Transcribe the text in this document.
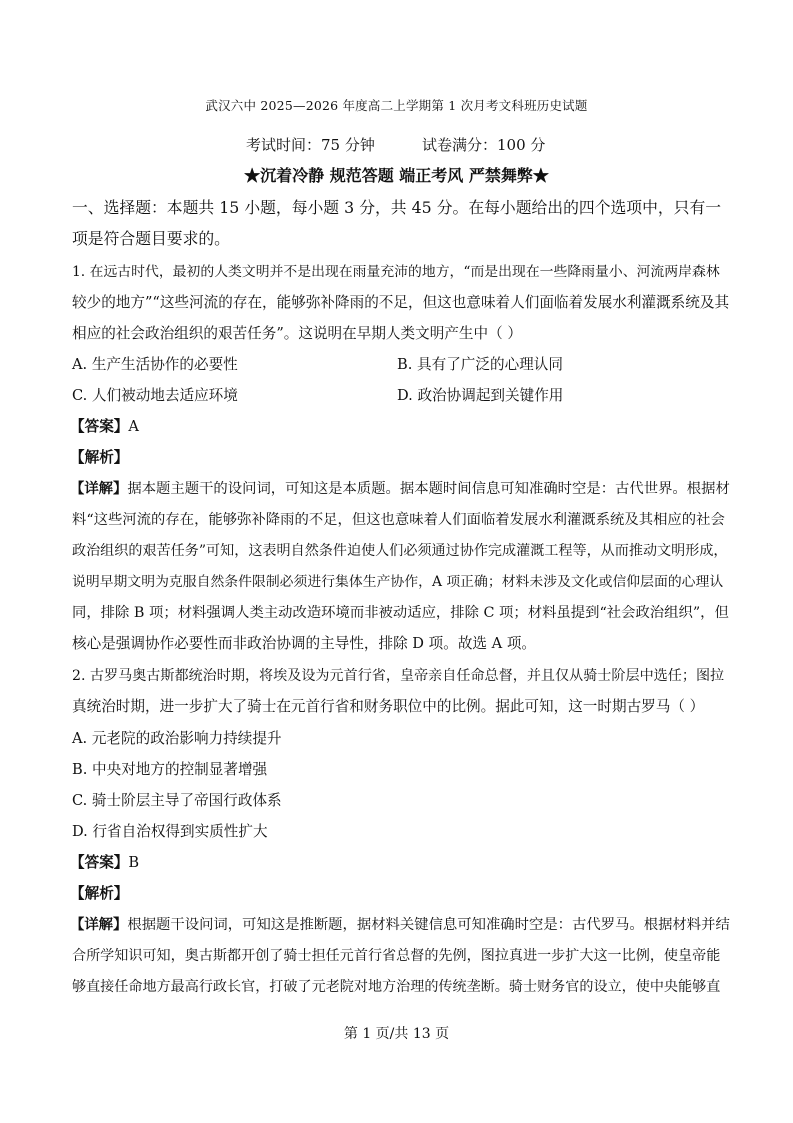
武汉六中 2025—2026 年度高二上学期第 1 次月考文科班历史试题
考试时间：75 分钟	试卷满分：100 分
★沉着冷静 规范答题 端正考风 严禁舞弊★
一、选择题：本题共 15 小题，每小题 3 分，共 45 分。在每小题给出的四个选项中，只有一
项是符合题目要求的。
1. 在远古时代，最初的人类文明并不是出现在雨量充沛的地方，“而是出现在一些降雨量小、河流两岸森林
较少的地方”“这些河流的存在，能够弥补降雨的不足，但这也意味着人们面临着发展水利灌溉系统及其
相应的社会政治组织的艰苦任务”。这说明在早期人类文明产生中（ ）
A. 生产生活协作的必要性	B. 具有了广泛的心理认同
C. 人们被动地去适应环境	D. 政治协调起到关键作用
【答案】A
【解析】
【详解】据本题主题干的设问词，可知这是本质题。据本题时间信息可知准确时空是：古代世界。根据材
料“这些河流的存在，能够弥补降雨的不足，但这也意味着人们面临着发展水利灌溉系统及其相应的社会
政治组织的艰苦任务”可知，这表明自然条件迫使人们必须通过协作完成灌溉工程等，从而推动文明形成，
说明早期文明为克服自然条件限制必须进行集体生产协作，A 项正确；材料未涉及文化或信仰层面的心理认
同，排除 B 项；材料强调人类主动改造环境而非被动适应，排除 C 项；材料虽提到“社会政治组织”，但
核心是强调协作必要性而非政治协调的主导性，排除 D 项。故选 A 项。
2. 古罗马奥古斯都统治时期，将埃及设为元首行省，皇帝亲自任命总督，并且仅从骑士阶层中选任；图拉
真统治时期，进一步扩大了骑士在元首行省和财务职位中的比例。据此可知，这一时期古罗马（ ）
A. 元老院的政治影响力持续提升
B. 中央对地方的控制显著增强
C. 骑士阶层主导了帝国行政体系
D. 行省自治权得到实质性扩大
【答案】B
【解析】
【详解】根据题干设问词，可知这是推断题，据材料关键信息可知准确时空是：古代罗马。根据材料并结
合所学知识可知，奥古斯都开创了骑士担任元首行省总督的先例，图拉真进一步扩大这一比例，使皇帝能
够直接任命地方最高行政长官，打破了元老院对地方治理的传统垄断。骑士财务官的设立，使中央能够直
第 1 页/共 13 页
